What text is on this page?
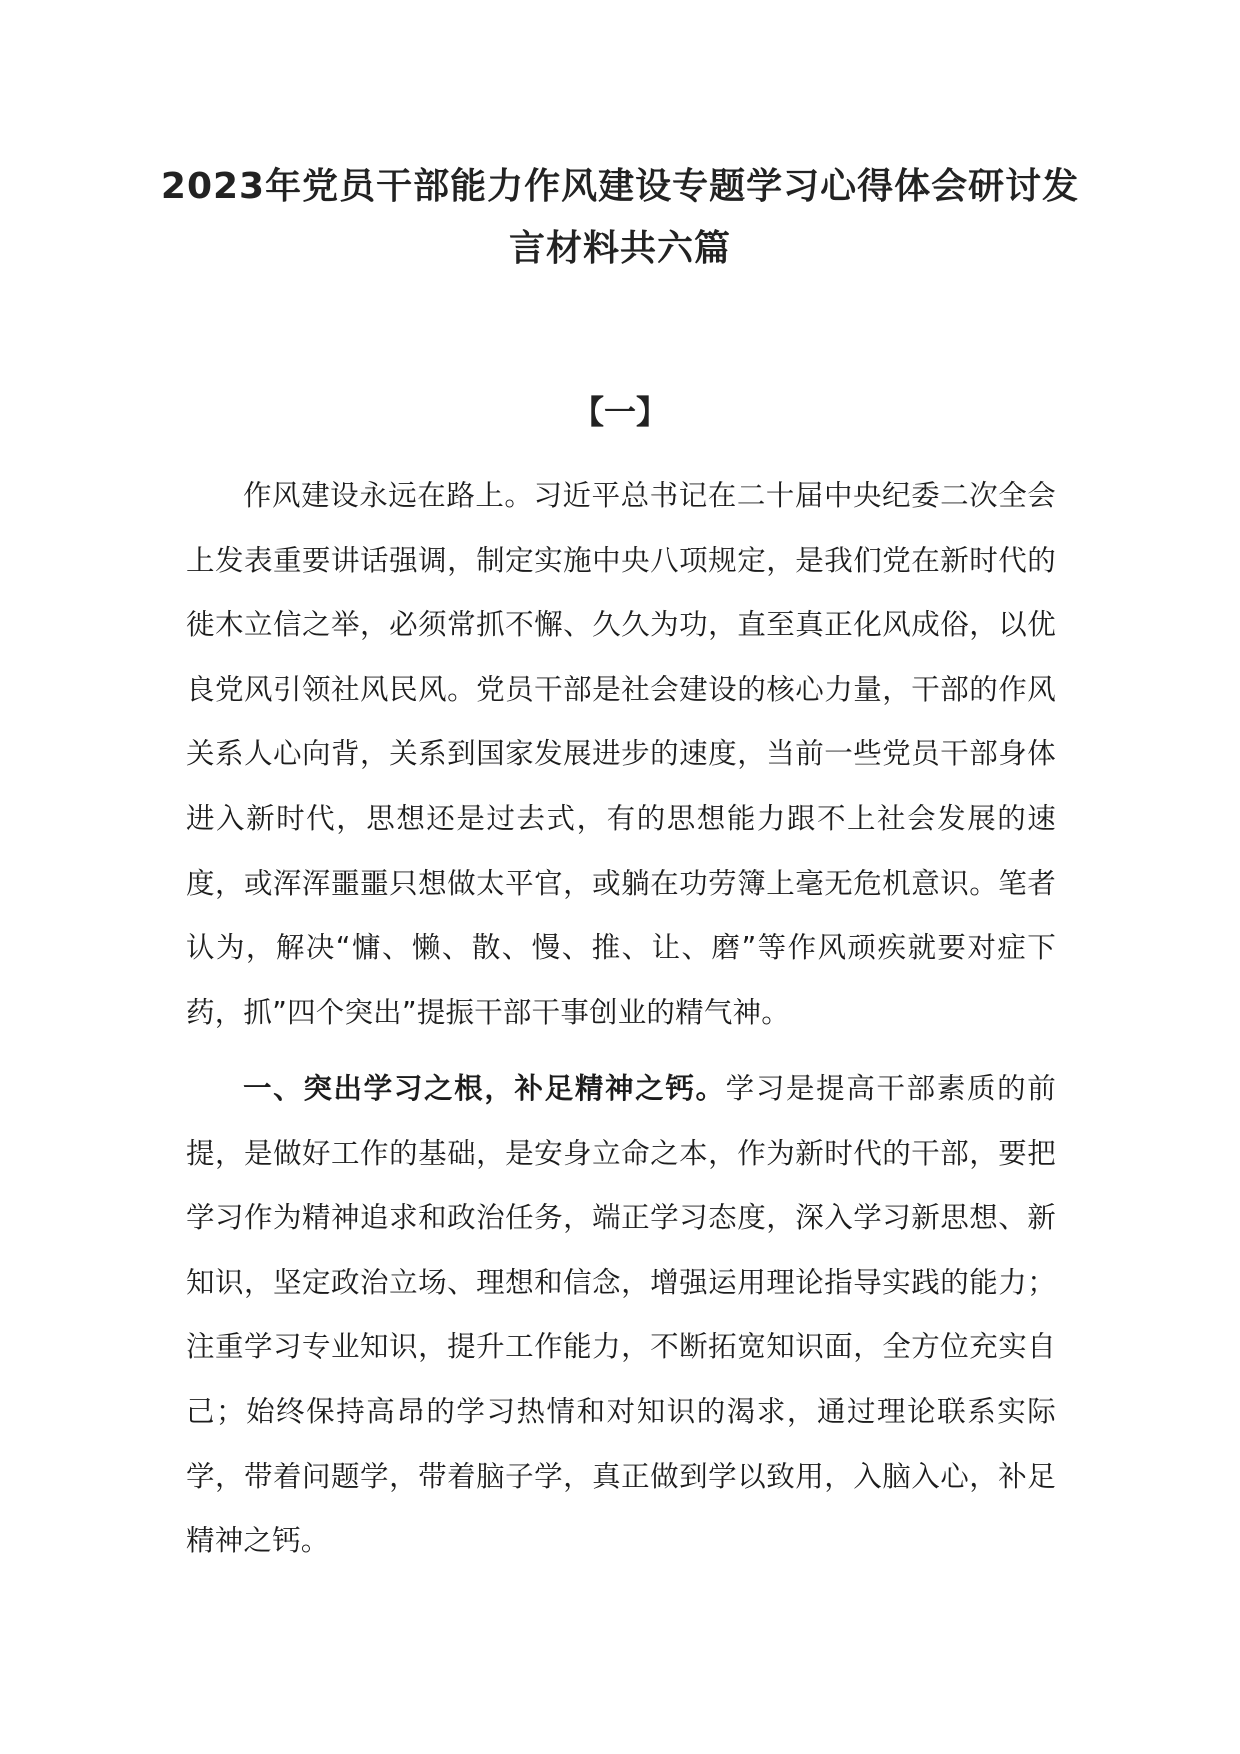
2023年党员干部能力作风建设专题学习心得体会研讨发言材料共六篇
【一】

作风建设永远在路上。习近平总书记在二十届中央纪委二次全会上发表重要讲话强调，制定实施中央八项规定，是我们党在新时代的徙木立信之举，必须常抓不懈、久久为功，直至真正化风成俗，以优良党风引领社风民风。党员干部是社会建设的核心力量，干部的作风关系人心向背，关系到国家发展进步的速度，当前一些党员干部身体进入新时代，思想还是过去式，有的思想能力跟不上社会发展的速度，或浑浑噩噩只想做太平官，或躺在功劳簿上毫无危机意识。笔者认为，解决“慵、懒、散、慢、推、让、磨”等作风顽疾就要对症下药，抓”四个突出”提振干部干事创业的精气神。

一、突出学习之根，补足精神之钙。学习是提高干部素质的前提，是做好工作的基础，是安身立命之本，作为新时代的干部，要把学习作为精神追求和政治任务，端正学习态度，深入学习新思想、新知识，坚定政治立场、理想和信念，增强运用理论指导实践的能力；注重学习专业知识，提升工作能力，不断拓宽知识面，全方位充实自己；始终保持高昂的学习热情和对知识的渴求，通过理论联系实际学，带着问题学，带着脑子学，真正做到学以致用，入脑入心，补足精神之钙。
